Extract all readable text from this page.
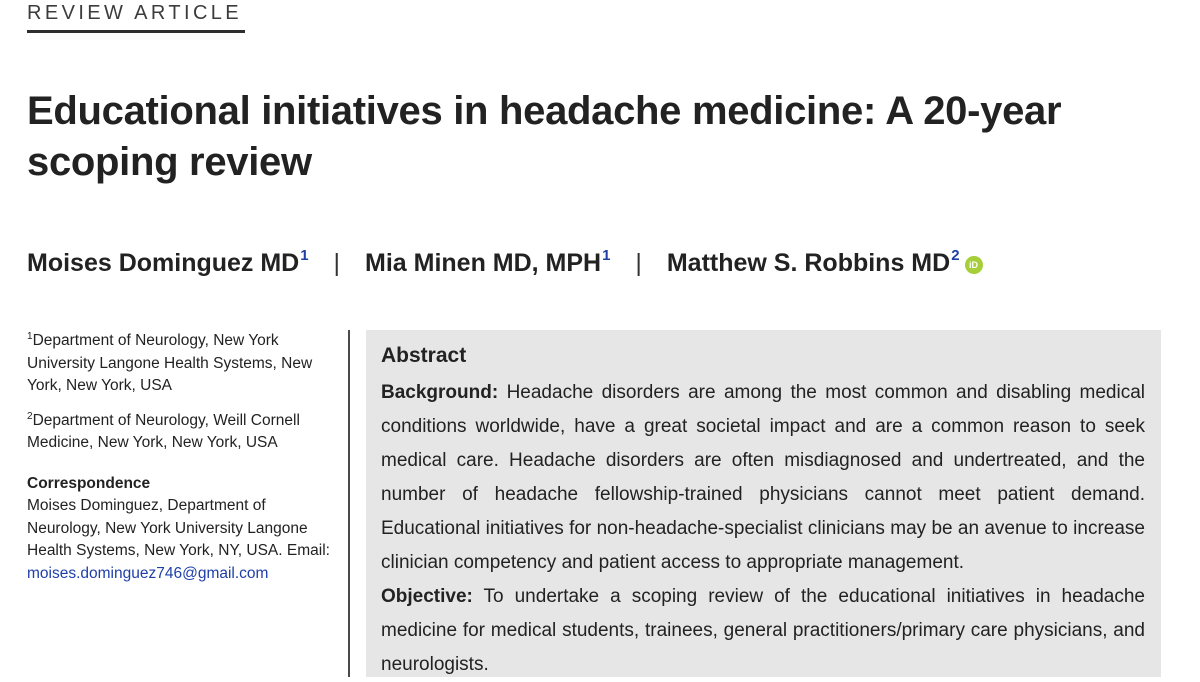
REVIEW ARTICLE
Educational initiatives in headache medicine: A 20-year scoping review
Moises Dominguez $MD^1$ | Mia Minen MD, MPH$^1$ | Matthew S. Robbins $MD^2iD$
$^1$Department of Neurology, New York University Langone Health Systems, New York, New York, USA
$^2$Department of Neurology, Weill Cornell Medicine, New York, New York, USA
Correspondence
Moises Dominguez, Department of Neurology, New York University Langone Health Systems, New York, NY, USA. Email: moises.dominguez746@gmail.com
Abstract

Background: Headache disorders are among the most common and disabling medical conditions worldwide, have a great societal impact and are a common reason to seek medical care. Headache disorders are often misdiagnosed and undertreated, and the number of headache fellowship-trained physicians cannot meet patient demand. Educational initiatives for non-headache-specialist clinicians may be an avenue to increase clinician competency and patient access to appropriate management.

Objective: To undertake a scoping review of the educational initiatives in headache medicine for medical students, trainees, general practitioners/primary care physicians, and neurologists.
